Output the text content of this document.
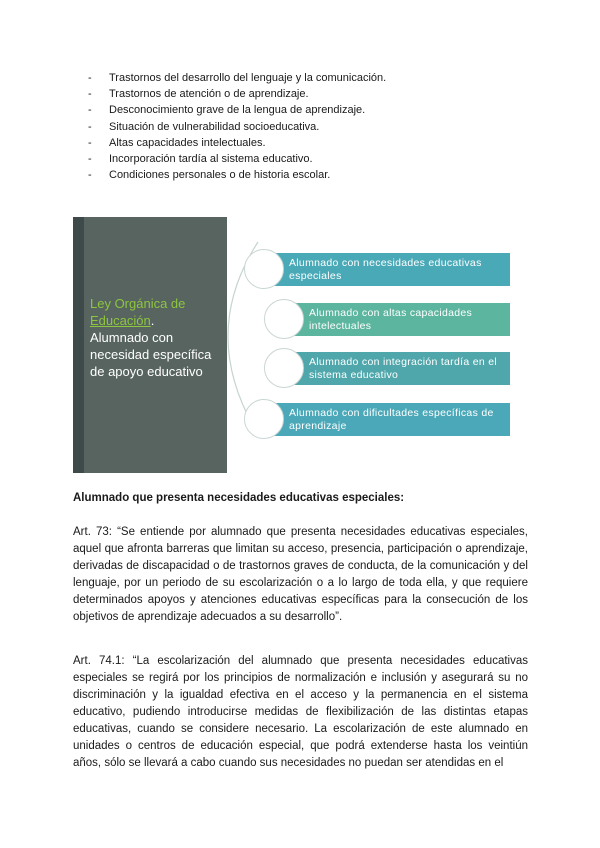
- Trastornos del desarrollo del lenguaje y la comunicación.
- Trastornos de atención o de aprendizaje.
- Desconocimiento grave de la lengua de aprendizaje.
- Situación de vulnerabilidad socioeducativa.
- Altas capacidades intelectuales.
- Incorporación tardía al sistema educativo.
- Condiciones personales o de historia escolar.
Ley Orgánica de Educación.
Alumnado con necesidad específica de apoyo educativo
Alumnado con necesidades educativas especiales
Alumnado con altas capacidades intelectuales
Alumnado con integración tardía en el sistema educativo
Alumnado con dificultades específicas de aprendizaje

Alumnado que presenta necesidades educativas especiales:

Art. 73: “Se entiende por alumnado que presenta necesidades educativas especiales, aquel que afronta barreras que limitan su acceso, presencia, participación o aprendizaje, derivadas de discapacidad o de trastornos graves de conducta, de la comunicación y del lenguaje, por un periodo de su escolarización o a lo largo de toda ella, y que requiere determinados apoyos y atenciones educativas específicas para la consecución de los objetivos de aprendizaje adecuados a su desarrollo”.

Art. 74.1: “La escolarización del alumnado que presenta necesidades educativas especiales se regirá por los principios de normalización e inclusión y asegurará su no discriminación y la igualdad efectiva en el acceso y la permanencia en el sistema educativo, pudiendo introducirse medidas de flexibilización de las distintas etapas educativas, cuando se considere necesario. La escolarización de este alumnado en unidades o centros de educación especial, que podrá extenderse hasta los veintiún años, sólo se llevará a cabo cuando sus necesidades no puedan ser atendidas en el
